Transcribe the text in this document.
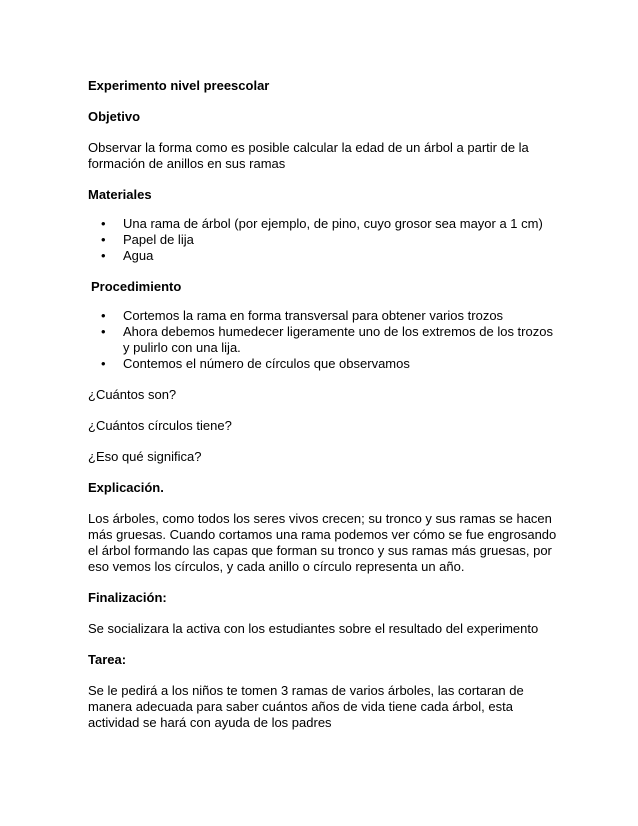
Experimento nivel preescolar

Objetivo

Observar la forma como es posible calcular la edad de un árbol a partir de la

formación de anillos en sus ramas

Materiales

• Una rama de árbol (por ejemplo, de pino, cuyo grosor sea mayor a 1 cm)
• Papel de lija
• Agua

Procedimiento

• Cortemos la rama en forma transversal para obtener varios trozos
• Ahora debemos humedecer ligeramente uno de los extremos de los trozos
y pulirlo con una lija.
• Contemos el número de círculos que observamos

¿Cuántos son?

¿Cuántos círculos tiene?

¿Eso qué significa?

Explicación.

Los árboles, como todos los seres vivos crecen; su tronco y sus ramas se hacen

más gruesas. Cuando cortamos una rama podemos ver cómo se fue engrosando

el árbol formando las capas que forman su tronco y sus ramas más gruesas, por

eso vemos los círculos, y cada anillo o círculo representa un año.

Finalización:

Se socializara la activa con los estudiantes sobre el resultado del experimento

Tarea:

Se le pedirá a los niños te tomen 3 ramas de varios árboles, las cortaran de

manera adecuada para saber cuántos años de vida tiene cada árbol, esta

actividad se hará con ayuda de los padres
